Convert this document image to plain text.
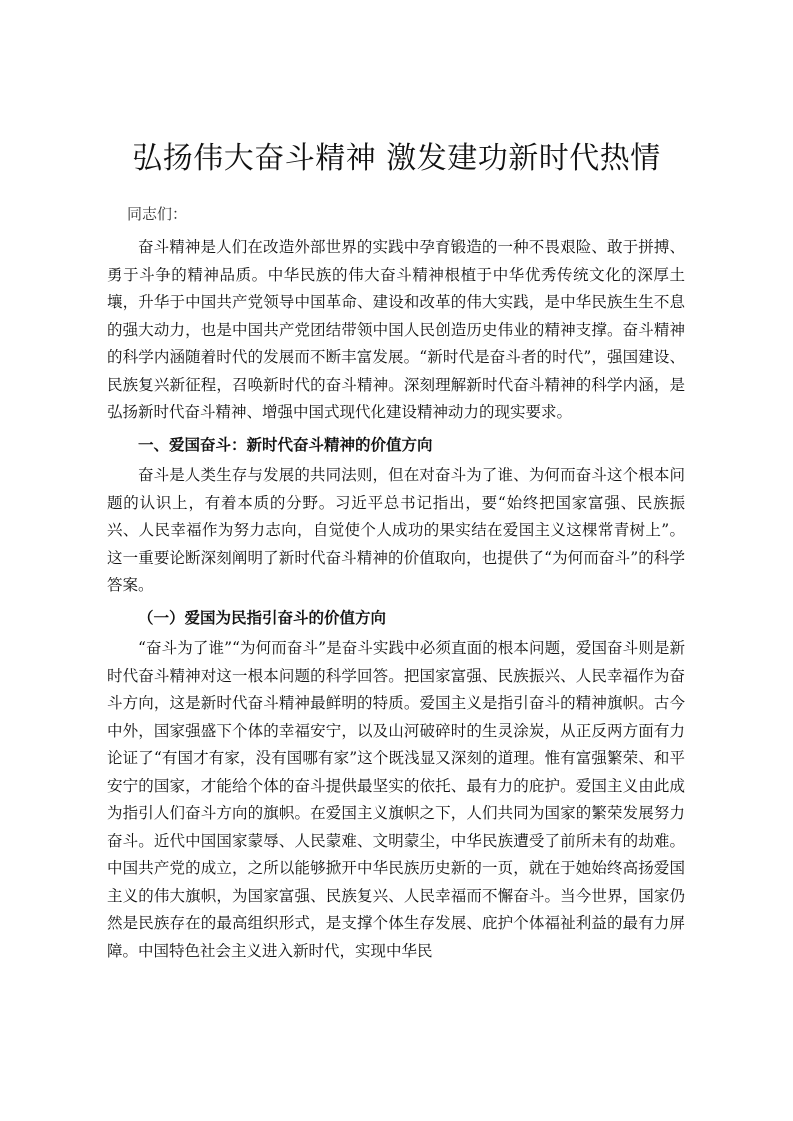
弘扬伟大奋斗精神 激发建功新时代热情
同志们：

奋斗精神是人们在改造外部世界的实践中孕育锻造的一种不畏艰险、敢于拼搏、勇于斗争的精神品质。中华民族的伟大奋斗精神根植于中华优秀传统文化的深厚土壤，升华于中国共产党领导中国革命、建设和改革的伟大实践，是中华民族生生不息的强大动力，也是中国共产党团结带领中国人民创造历史伟业的精神支撑。奋斗精神的科学内涵随着时代的发展而不断丰富发展。“新时代是奋斗者的时代”，强国建设、民族复兴新征程，召唤新时代的奋斗精神。深刻理解新时代奋斗精神的科学内涵，是弘扬新时代奋斗精神、增强中国式现代化建设精神动力的现实要求。

一、爱国奋斗：新时代奋斗精神的价值方向

奋斗是人类生存与发展的共同法则，但在对奋斗为了谁、为何而奋斗这个根本问题的认识上，有着本质的分野。习近平总书记指出，要“始终把国家富强、民族振兴、人民幸福作为努力志向，自觉使个人成功的果实结在爱国主义这棵常青树上”。这一重要论断深刻阐明了新时代奋斗精神的价值取向，也提供了“为何而奋斗”的科学答案。

（一）爱国为民指引奋斗的价值方向

“奋斗为了谁”“为何而奋斗”是奋斗实践中必须直面的根本问题，爱国奋斗则是新时代奋斗精神对这一根本问题的科学回答。把国家富强、民族振兴、人民幸福作为奋斗方向，这是新时代奋斗精神最鲜明的特质。爱国主义是指引奋斗的精神旗帜。古今中外，国家强盛下个体的幸福安宁，以及山河破碎时的生灵涂炭，从正反两方面有力论证了“有国才有家，没有国哪有家”这个既浅显又深刻的道理。惟有富强繁荣、和平安宁的国家，才能给个体的奋斗提供最坚实的依托、最有力的庇护。爱国主义由此成为指引人们奋斗方向的旗帜。在爱国主义旗帜之下，人们共同为国家的繁荣发展努力奋斗。近代中国国家蒙辱、人民蒙难、文明蒙尘，中华民族遭受了前所未有的劫难。中国共产党的成立，之所以能够掀开中华民族历史新的一页，就在于她始终高扬爱国主义的伟大旗帜，为国家富强、民族复兴、人民幸福而不懈奋斗。当今世界，国家仍然是民族存在的最高组织形式，是支撑个体生存发展、庇护个体福祉利益的最有力屏障。中国特色社会主义进入新时代，实现中华民
